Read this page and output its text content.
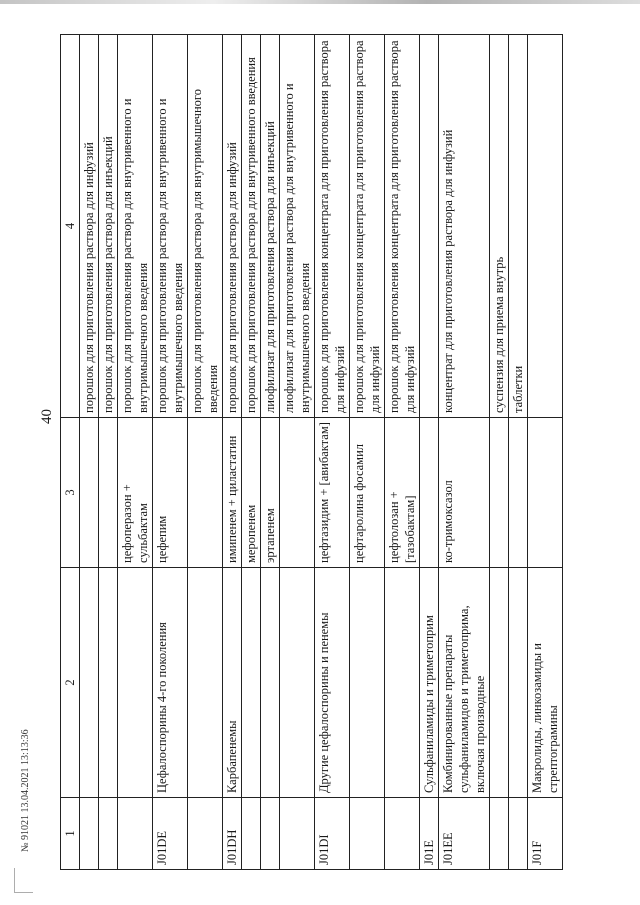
40
1	2	3	4
			порошок для приготовления раствора для инфузий
			порошок для приготовления раствора для инъекций
		цефоперазон + сульбактам	порошок для приготовления раствора для внутривенного и внутримышечного введения
J01DE	Цефалоспорины 4-го поколения	цефепим	порошок для приготовления раствора для внутривенного и внутримышечного введения
			порошок для приготовления раствора для внутримышечного введения
J01DH	Карбапенемы	имипенем + циластатин	порошок для приготовления раствора для инфузий
		меропенем	порошок для приготовления раствора для внутривенного введения
		эртапенем	лиофилизат для приготовления раствора для инъекций
			лиофилизат для приготовления раствора для внутривенного и внутримышечного введения
J01DI	Другие цефалоспорины и пенемы	цефтазидим + [авибактам]	порошок для приготовления концентрата для приготовления раствора для инфузий
		цефтаролина фосамил	порошок для приготовления концентрата для приготовления раствора для инфузий
		цефтолозан + [тазобактам]	порошок для приготовления концентрата для приготовления раствора для инфузий
J01E	Сульфаниламиды и триметоприм		
J01EE	Комбинированные препараты сульфаниламидов и триметоприма, включая производные	ко-тримоксазол	концентрат для приготовления раствора для инфузий
			суспензия для приема внутрь
			таблетки
J01F	Макролиды, линкозамиды и стрептограмины		
№ 91021 13.04.2021 13:13:36
